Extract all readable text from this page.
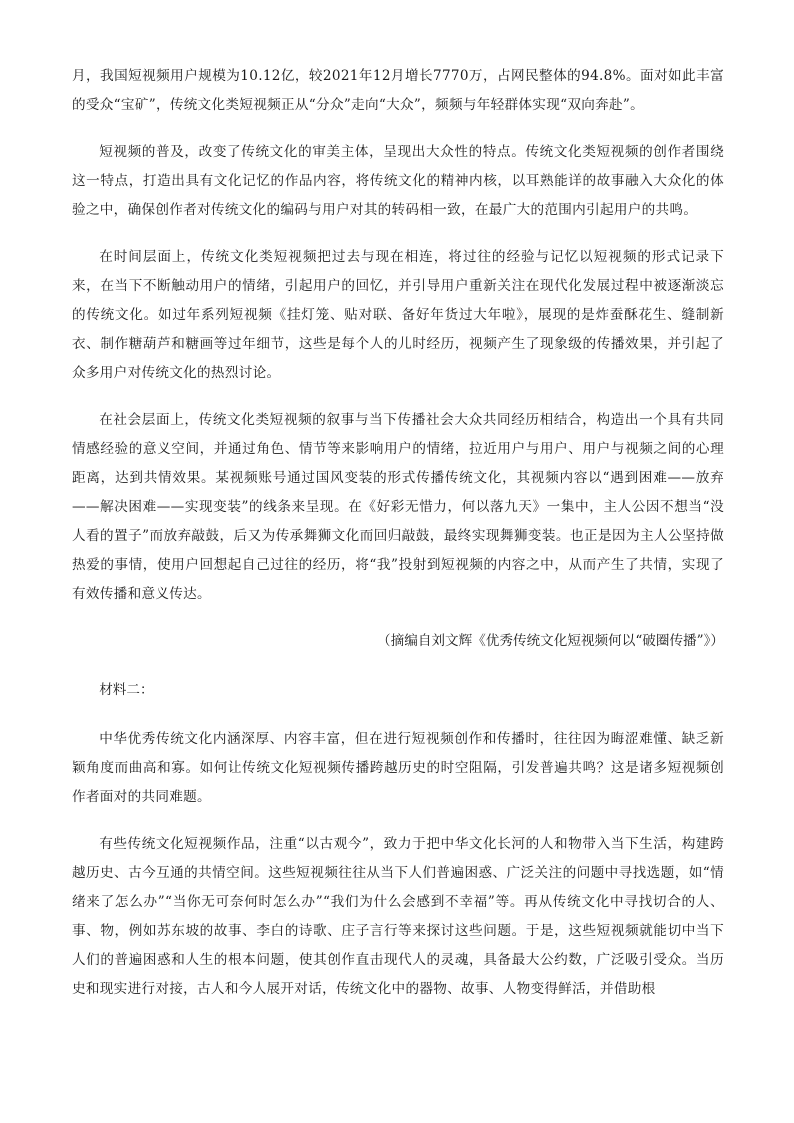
月，我国短视频用户规模为10.12亿，较2021年12月增长7770万，占网民整体的94.8%。面对如此丰富的受众“宝矿”，传统文化类短视频正从“分众”走向“大众”，频频与年轻群体实现“双向奔赴”。

短视频的普及，改变了传统文化的审美主体，呈现出大众性的特点。传统文化类短视频的创作者围绕这一特点，打造出具有文化记忆的作品内容，将传统文化的精神内核，以耳熟能详的故事融入大众化的体验之中，确保创作者对传统文化的编码与用户对其的转码相一致，在最广大的范围内引起用户的共鸣。

在时间层面上，传统文化类短视频把过去与现在相连，将过往的经验与记忆以短视频的形式记录下来，在当下不断触动用户的情绪，引起用户的回忆，并引导用户重新关注在现代化发展过程中被逐渐淡忘的传统文化。如过年系列短视频《挂灯笼、贴对联、备好年货过大年啦》，展现的是炸蚕酥花生、缝制新衣、制作糖葫芦和糖画等过年细节，这些是每个人的儿时经历，视频产生了现象级的传播效果，并引起了众多用户对传统文化的热烈讨论。

在社会层面上，传统文化类短视频的叙事与当下传播社会大众共同经历相结合，构造出一个具有共同情感经验的意义空间，并通过角色、情节等来影响用户的情绪，拉近用户与用户、用户与视频之间的心理距离，达到共情效果。某视频账号通过国风变装的形式传播传统文化，其视频内容以“遇到困难——放弃——解决困难——实现变装”的线条来呈现。在《好彩无惜力，何以落九天》一集中，主人公因不想当“没人看的置子”而放弃敲鼓，后又为传承舞狮文化而回归敲鼓，最终实现舞狮变装。也正是因为主人公坚持做热爱的事情，使用户回想起自己过往的经历，将“我”投射到短视频的内容之中，从而产生了共情，实现了有效传播和意义传达。

（摘编自刘文辉《优秀传统文化短视频何以“破圈传播”》）

材料二：

中华优秀传统文化内涵深厚、内容丰富，但在进行短视频创作和传播时，往往因为晦涩难懂、缺乏新颖角度而曲高和寡。如何让传统文化短视频传播跨越历史的时空阻隔，引发普遍共鸣？这是诸多短视频创作者面对的共同难题。

有些传统文化短视频作品，注重“以古观今”，致力于把中华文化长河的人和物带入当下生活，构建跨越历史、古今互通的共情空间。这些短视频往往从当下人们普遍困惑、广泛关注的问题中寻找选题，如“情绪来了怎么办”“当你无可奈何时怎么办”“我们为什么会感到不幸福”等。再从传统文化中寻找切合的人、事、物，例如苏东坡的故事、李白的诗歌、庄子言行等来探讨这些问题。于是，这些短视频就能切中当下人们的普遍困惑和人生的根本问题，使其创作直击现代人的灵魂，具备最大公约数，广泛吸引受众。当历史和现实进行对接，古人和今人展开对话，传统文化中的器物、故事、人物变得鲜活，并借助根
